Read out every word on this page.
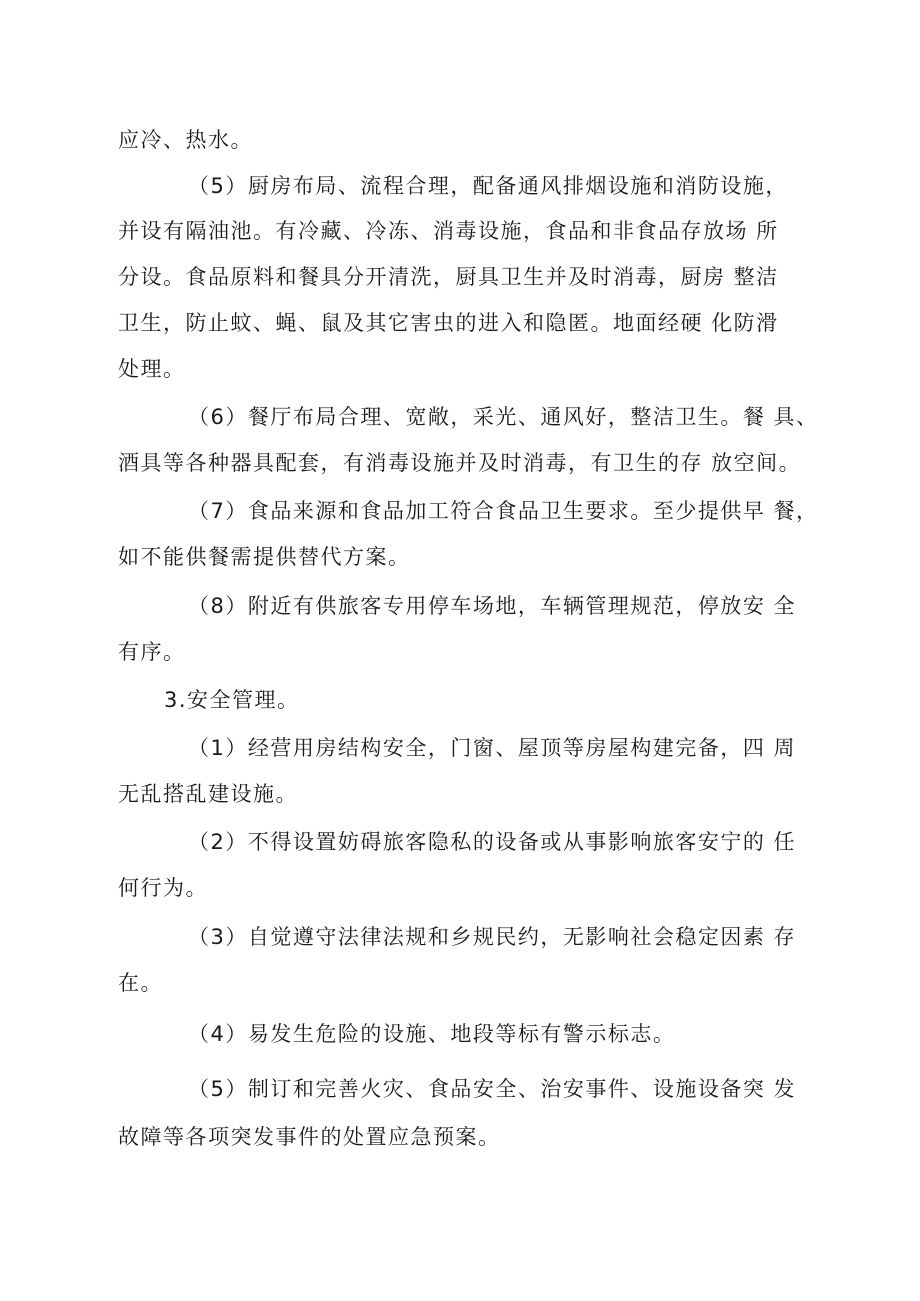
应冷、热水。
（5）厨房布局、流程合理，配备通风排烟设施和消防设施，
并设有隔油池。有冷藏、冷冻、消毒设施，食品和非食品存放场 所
分设。食品原料和餐具分开清洗，厨具卫生并及时消毒，厨房 整洁
卫生，防止蚊、蝇、鼠及其它害虫的进入和隐匿。地面经硬 化防滑
处理。
（6）餐厅布局合理、宽敞，采光、通风好，整洁卫生。餐 具、
酒具等各种器具配套，有消毒设施并及时消毒，有卫生的存 放空间。
（7）食品来源和食品加工符合食品卫生要求。至少提供早 餐，
如不能供餐需提供替代方案。
（8）附近有供旅客专用停车场地，车辆管理规范，停放安 全
有序。
3.安全管理。
（1）经营用房结构安全，门窗、屋顶等房屋构建完备，四 周
无乱搭乱建设施。
（2）不得设置妨碍旅客隐私的设备或从事影响旅客安宁的 任
何行为。
（3）自觉遵守法律法规和乡规民约，无影响社会稳定因素 存
在。
（4）易发生危险的设施、地段等标有警示标志。
（5）制订和完善火灾、食品安全、治安事件、设施设备突 发
故障等各项突发事件的处置应急预案。
